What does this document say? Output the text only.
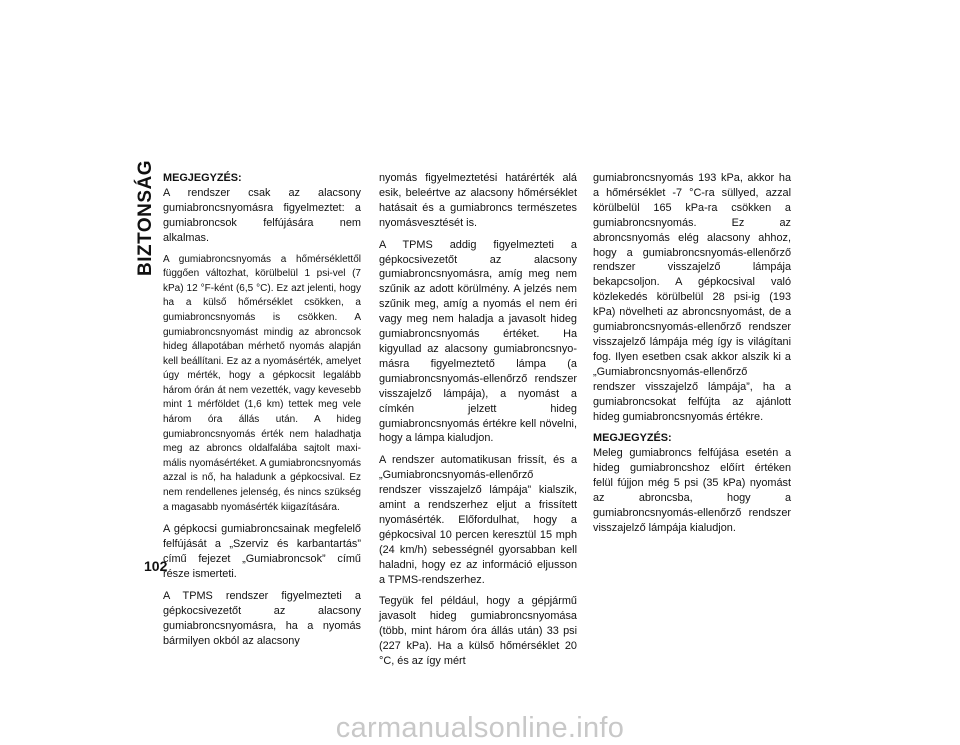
BIZTONSÁG MEGJEGYZÉS:

A rendszer csak az alacsony gumiabroncsnyomásra figyelmeztet: a gumiabroncsok felfújására nem alkalmas.

A gumiabroncsnyomás a hőmérséklettől függően változhat, körülbelül 1 psi-vel (7 kPa) 12 °F-ként (6,5 °C). Ez azt jelenti, hogy ha a külső hőmérséklet csökken, a gumiabroncsnyomás is csökken. A gumiabroncsnyomást mindig az abroncsok hideg állapotában mérhető nyomás alapján kell beállítani. Ez az a nyomásérték, amelyet úgy mérték, hogy a gépkocsit legalább három órán át nem vezették, vagy kevesebb mint 1 mérföldet (1,6 km) tettek meg vele három óra állás után. A hideg gumiabroncsnyomás érték nem haladhatja meg az abroncs oldalfalába sajtolt maximális nyomásértéket. A gumiabroncsnyomás azzal is nő, ha haladunk a gépkocsival. Ez nem rendellenes jelenség, és nincs szükség a magasabb nyomásérték kiigazítására.

A gépkocsi gumiabroncsainak megfelelő felfújását a „Szerviz és karbantartás” című fejezet „Gumiabroncsok” című része ismerteti.

A TPMS rendszer figyelmezteti a gépkocsivezetőt az alacsony gumiabroncsnyomásra, ha a nyomás bármilyen okból az alacsony

nyomás figyelmeztetési határérték alá esik, beleértve az alacsony hőmérséklet hatásait és a gumiabroncs természetes nyomásvesztését is.

A TPMS addig figyelmezteti a gépkocsivezetőt az alacsony gumiabroncsnyomásra, amíg meg nem szűnik az adott körülmény. A jelzés nem szűnik meg, amíg a nyomás el nem éri vagy meg nem haladja a javasolt hideg gumiabroncsnyomás értéket. Ha kigyullad az alacsony gumiabroncsnyomásra figyelmeztető lámpa (a gumiabroncsnyomás-ellenőrző rendszer visszajelző lámpája), a nyomást a címkén jelzett hideg gumiabroncsnyomás értékre kell növelni, hogy a lámpa kialudjon.

A rendszer automatikusan frissít, és a „Gumiabroncsnyomás-ellenőrző rendszer visszajelző lámpája” kialszik, amint a rendszerhez eljut a frissített nyomásérték. Előfordulhat, hogy a gépkocsival 10 percen keresztül 15 mph (24 km/h) sebességnél gyorsabban kell haladni, hogy ez az információ eljusson a TPMS-rendszerhez.

Tegyük fel például, hogy a gépjármű javasolt hideg gumiabroncsnyomása (több, mint három óra állás után) 33 psi (227 kPa). Ha a külső hőmérséklet 20 °C, és az így mért

gumiabroncsnyomás 193 kPa, akkor ha a hőmérséklet -7 °C-ra süllyed, azzal körülbelül 165 kPa-ra csökken a gumiabroncsnyomás. Ez az abroncsnyomás elég alacsony ahhoz, hogy a gumiabroncsnyomás-ellenőrző rendszer visszajelző lámpája bekapcsoljon. A gépkocsival való közlekedés körülbelül 28 psi-ig (193 kPa) növelheti az abroncsnyomást, de a gumiabroncsnyomás-ellenőrző rendszer visszajelző lámpája még így is világítani fog. Ilyen esetben csak akkor alszik ki a „Gumiabroncsnyomás-ellenőrző rendszer visszajelző lámpája”, ha a gumiabroncsokat felfújta az ajánlott hideg gumiabroncsnyomás értékre.

MEGJEGYZÉS:

Meleg gumiabroncs felfújása esetén a hideg gumiabroncshoz előírt értéken felül fújjon még 5 psi (35 kPa) nyomást az abroncsba, hogy a gumiabroncsnyomás-ellenőrző rendszer visszajelző lámpája kialudjon.

102
carmanualsonline.info
